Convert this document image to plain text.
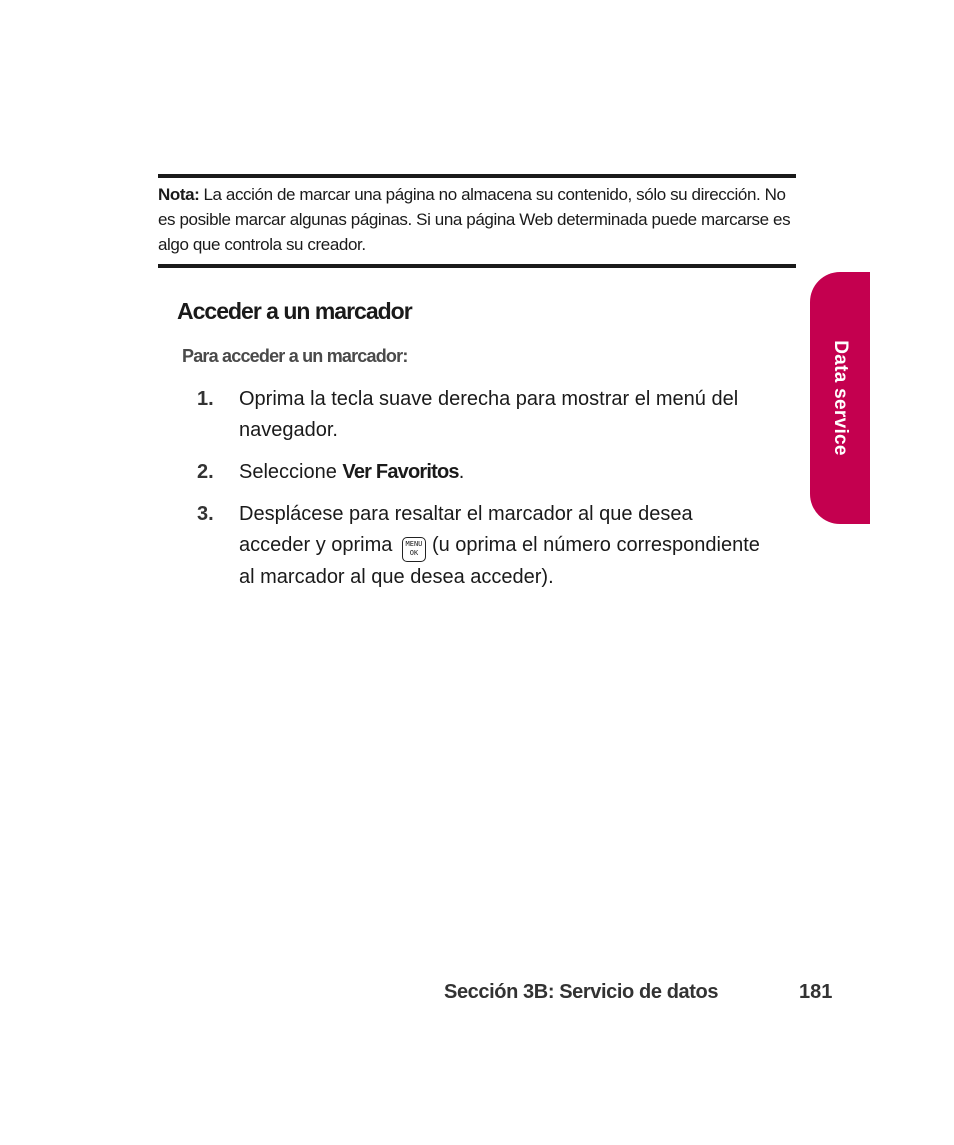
Nota: La acción de marcar una página no almacena su contenido, sólo su dirección. No es posible marcar algunas páginas. Si una página Web determinada puede marcarse es algo que controla su creador.
Acceder a un marcador
Para acceder a un marcador:
1. Oprima la tecla suave derecha para mostrar el menú del navegador.
2. Seleccione Ver Favoritos.
3. Desplácese para resaltar el marcador al que desea acceder y oprima	MENU
OK (u oprima el número correspondiente al marcador al que desea acceder).
Data service
Sección 3B: Servicio de datos	181
